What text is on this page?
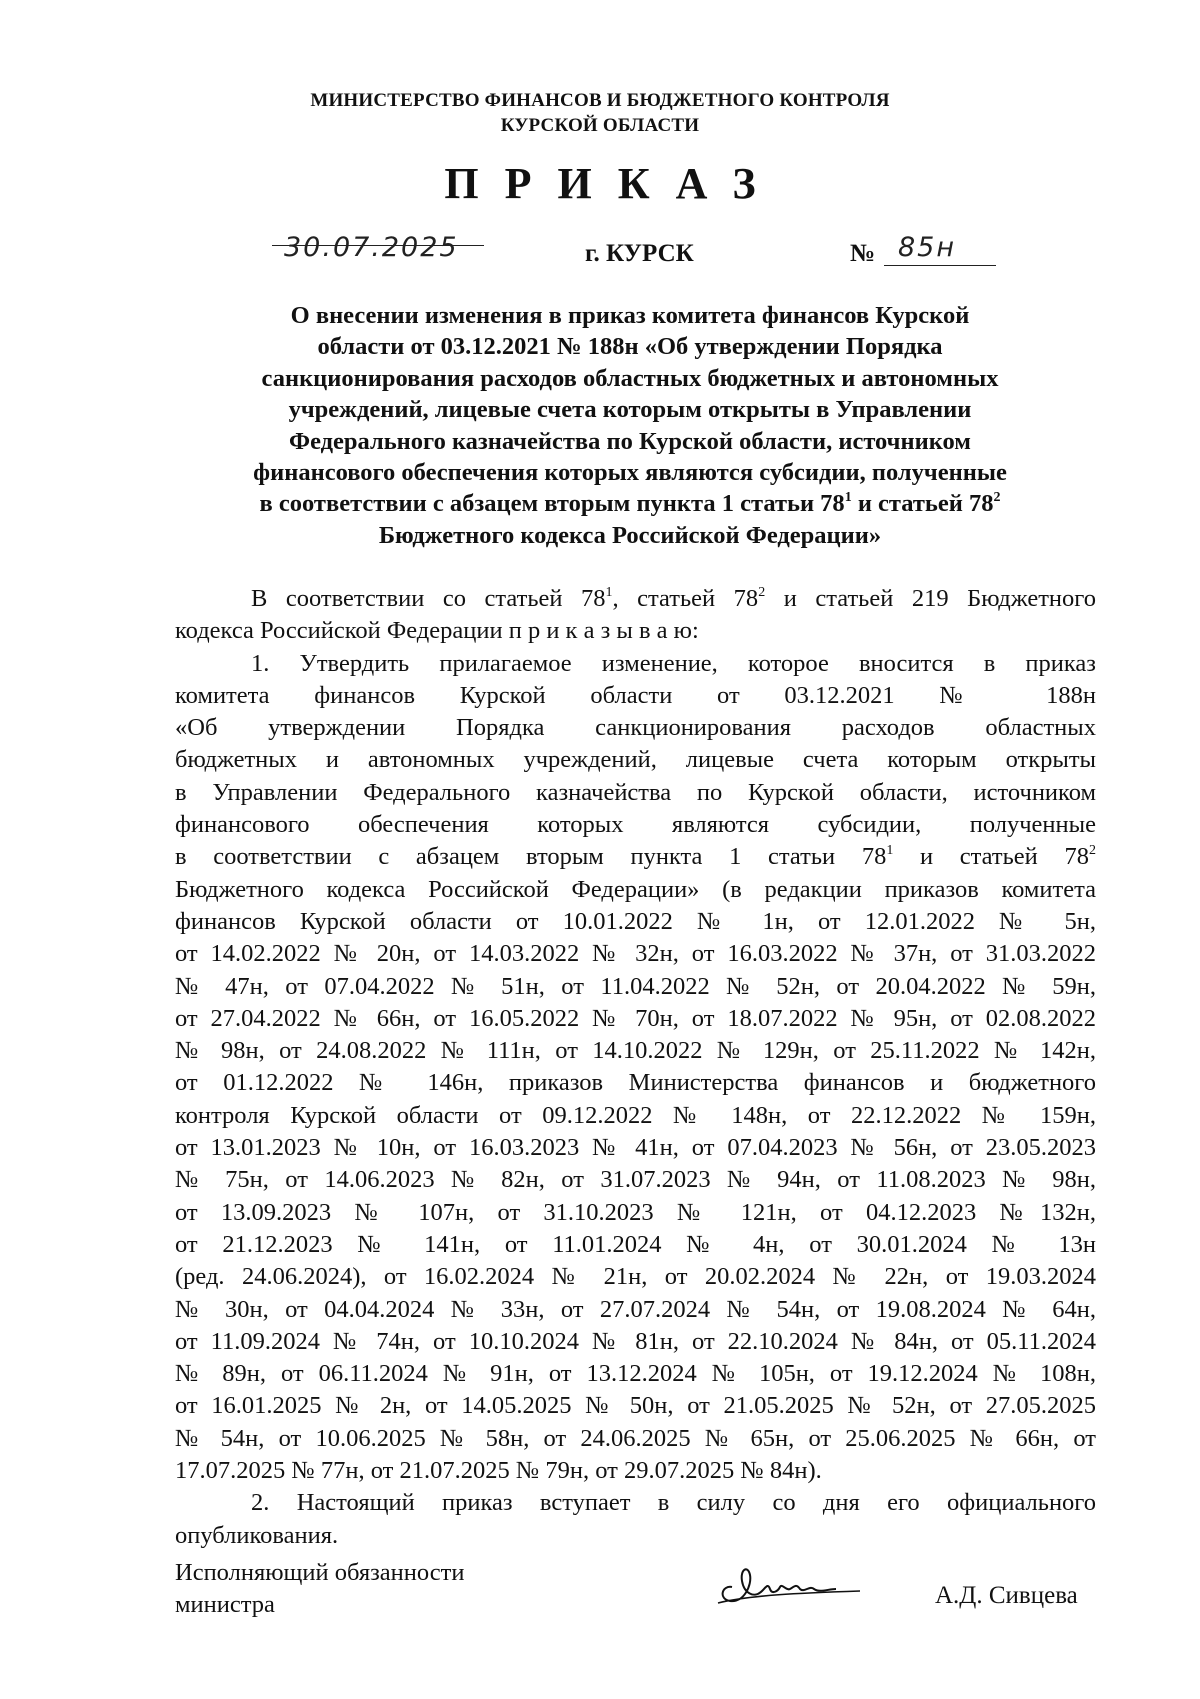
МИНИСТЕРСТВО ФИНАНСОВ И БЮДЖЕТНОГО КОНТРОЛЯ
КУРСКОЙ ОБЛАСТИ
ПРИКАЗ
30.07.2025	г. КУРСК	№ 85н
О внесении изменения в приказ комитета финансов Курской
области от 03.12.2021 № 188н «Об утверждении Порядка
санкционирования расходов областных бюджетных и автономных
учреждений, лицевые счета которым открыты в Управлении
Федерального казначейства по Курской области, источником
финансового обеспечения которых являются субсидии, полученные
в соответствии с абзацем вторым пункта 1 статьи $78^1$ и статьей $78^2$
Бюджетного кодекса Российской Федерации»
В соответствии со статьей $78^1$, статьей $78^2$ и статьей 219 Бюджетного
кодекса Российской Федерации п р и к а з ы в а ю:
1. Утвердить прилагаемое изменение, которое вносится в приказ
комитета финансов Курской области от 03.12.2021 № 188н
«Об утверждении Порядка санкционирования расходов областных
бюджетных и автономных учреждений, лицевые счета которым открыты
в Управлении Федерального казначейства по Курской области, источником
финансового обеспечения которых являются субсидии, полученные
в соответствии с абзацем вторым пункта 1 статьи $78^1$ и статьей $78^2$
Бюджетного кодекса Российской Федерации» (в редакции приказов комитета
финансов Курской области от 10.01.2022 № 1н, от 12.01.2022 № 5н,
от 14.02.2022 № 20н, от 14.03.2022 № 32н, от 16.03.2022 № 37н, от 31.03.2022
№ 47н, от 07.04.2022 № 51н, от 11.04.2022 № 52н, от 20.04.2022 № 59н,
от 27.04.2022 № 66н, от 16.05.2022 № 70н, от 18.07.2022 № 95н, от 02.08.2022
№ 98н, от 24.08.2022 № 111н, от 14.10.2022 № 129н, от 25.11.2022 № 142н,
от 01.12.2022 № 146н, приказов Министерства финансов и бюджетного
контроля Курской области от 09.12.2022 № 148н, от 22.12.2022 № 159н,
от 13.01.2023 № 10н, от 16.03.2023 № 41н, от 07.04.2023 № 56н, от 23.05.2023
№ 75н, от 14.06.2023 № 82н, от 31.07.2023 № 94н, от 11.08.2023 № 98н,
от 13.09.2023 № 107н, от 31.10.2023 № 121н, от 04.12.2023 №132н,
от 21.12.2023 № 141н, от 11.01.2024 № 4н, от 30.01.2024 № 13н
(ред. 24.06.2024), от 16.02.2024 № 21н, от 20.02.2024 № 22н, от 19.03.2024
№ 30н, от 04.04.2024 № 33н, от 27.07.2024 № 54н, от 19.08.2024 № 64н,
от 11.09.2024 № 74н, от 10.10.2024 № 81н, от 22.10.2024 № 84н, от 05.11.2024
№ 89н, от 06.11.2024 № 91н, от 13.12.2024 № 105н, от 19.12.2024 № 108н,
от 16.01.2025 № 2н, от 14.05.2025 № 50н, от 21.05.2025 № 52н, от 27.05.2025
№ 54н, от 10.06.2025 № 58н, от 24.06.2025 № 65н, от 25.06.2025 № 66н, от
17.07.2025 № 77н, от 21.07.2025 № 79н, от 29.07.2025 № 84н).
2. Настоящий приказ вступает в силу со дня его официального
опубликования.
Исполняющий обязанности
министра	А.Д. Сивцева
